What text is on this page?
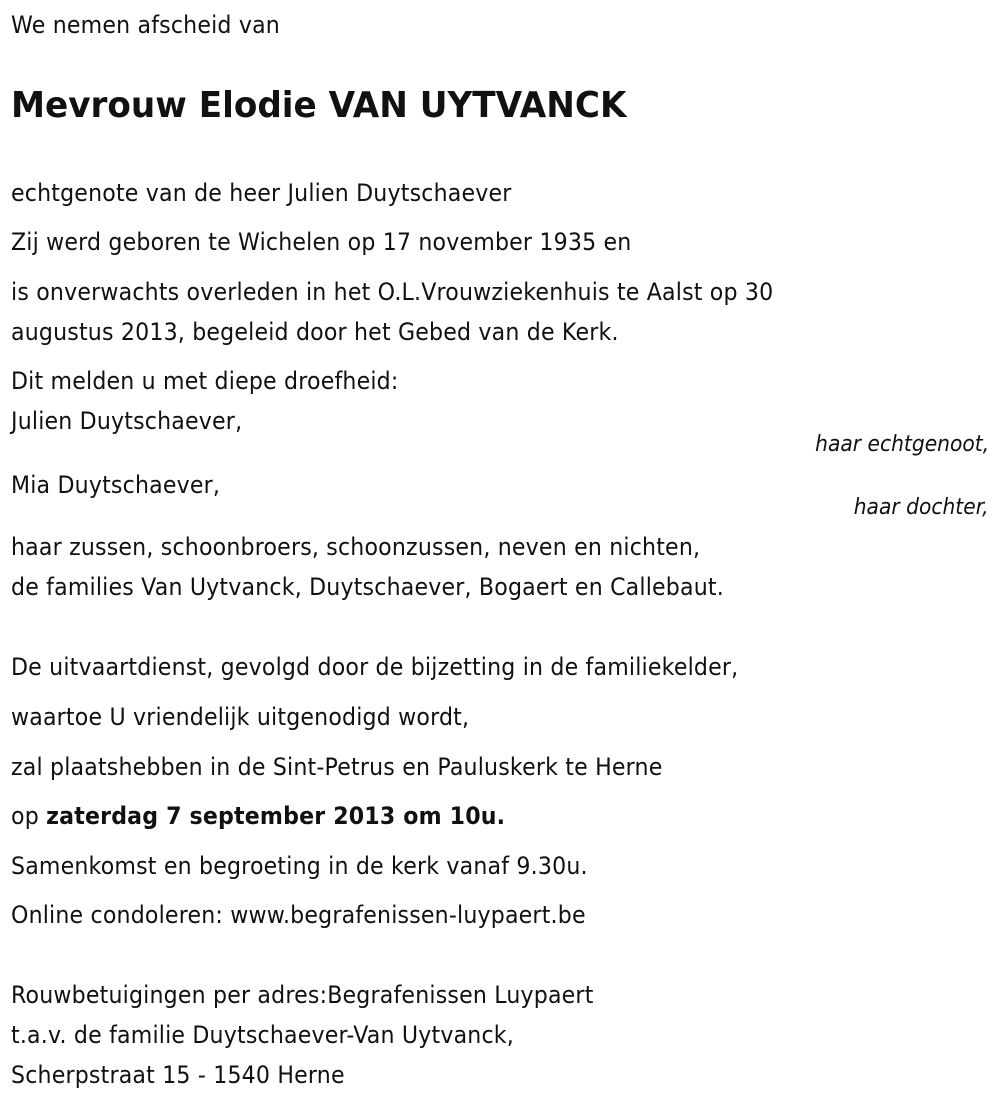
We nemen afscheid van
Mevrouw Elodie VAN UYTVANCK
echtgenote van de heer Julien Duytschaever
Zij werd geboren te Wichelen op 17 november 1935 en
is onverwachts overleden in het O.L.Vrouwziekenhuis te Aalst op 30
augustus 2013, begeleid door het Gebed van de Kerk.
Dit melden u met diepe droefheid:
Julien Duytschaever,
haar echtgenoot,
Mia Duytschaever,
haar dochter,
haar zussen, schoonbroers, schoonzussen, neven en nichten,
de families Van Uytvanck, Duytschaever, Bogaert en Callebaut.
De uitvaartdienst, gevolgd door de bijzetting in de familiekelder,
waartoe U vriendelijk uitgenodigd wordt,
zal plaatshebben in de Sint-Petrus en Pauluskerk te Herne
op zaterdag 7 september 2013 om 10u.
Samenkomst en begroeting in de kerk vanaf 9.30u.
Online condoleren: www.begrafenissen-luypaert.be
Rouwbetuigingen per adres:Begrafenissen Luypaert
t.a.v. de familie Duytschaever-Van Uytvanck,
Scherpstraat 15 - 1540 Herne
